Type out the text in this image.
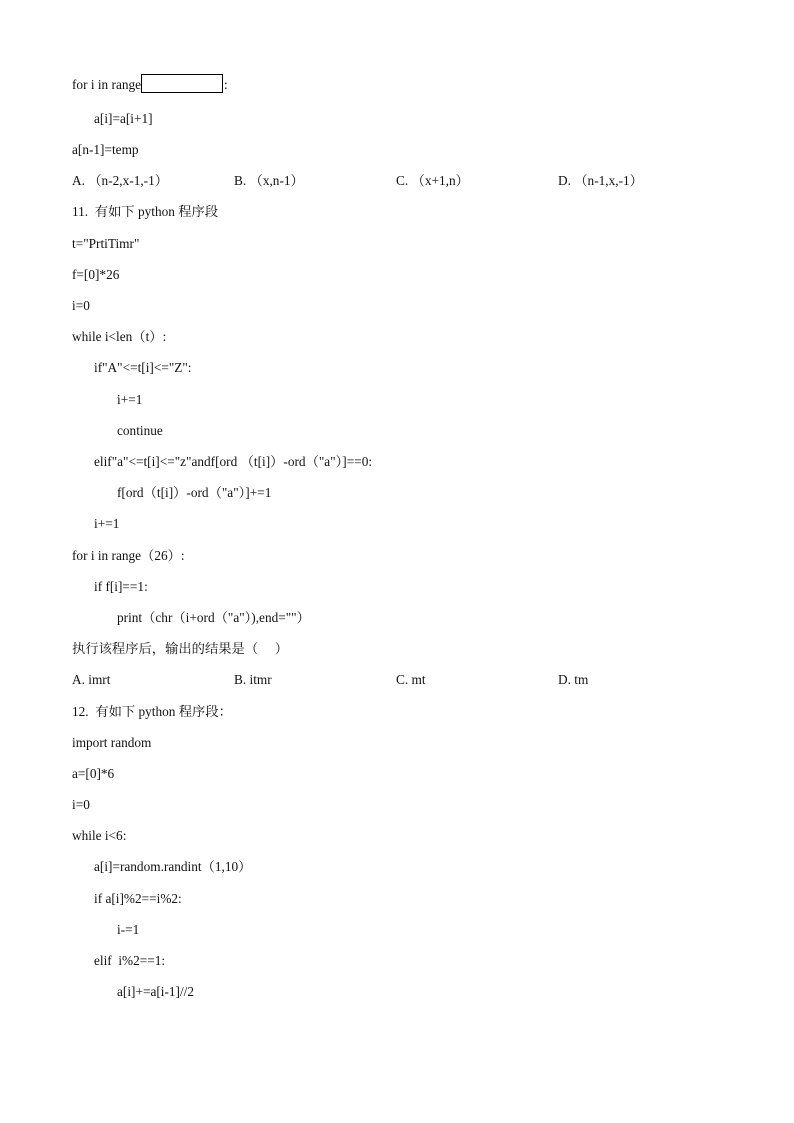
for i in range	:
a[i]=a[i+1]
a[n-1]=temp
A. （n-2,x-1,-1）	B. （x,n-1）	C. （x+1,n）	D. （n-1,x,-1）
11.  有如下 python 程序段
t="PrtiTimr"
f=[0]*26
i=0
while i<len（t）:
if"A"<=t[i]<="Z":
i+=1
continue
elif"a"<=t[i]<="z"andf[ord （t[i]）-ord（"a"）]==0:
f[ord（t[i]）-ord（"a"）]+=1
i+=1
for i in range（26）:
if f[i]==1:
print（chr（i+ord（"a"）),end=""）
执行该程序后，输出的结果是（     ）
A. imrt	B. itmr	C. mt	D. tm
12.  有如下 python 程序段：
import random
a=[0]*6
i=0
while i<6:
a[i]=random.randint（1,10）
if a[i]%2==i%2:
i-=1
elif  i%2==1:
a[i]+=a[i-1]//2
